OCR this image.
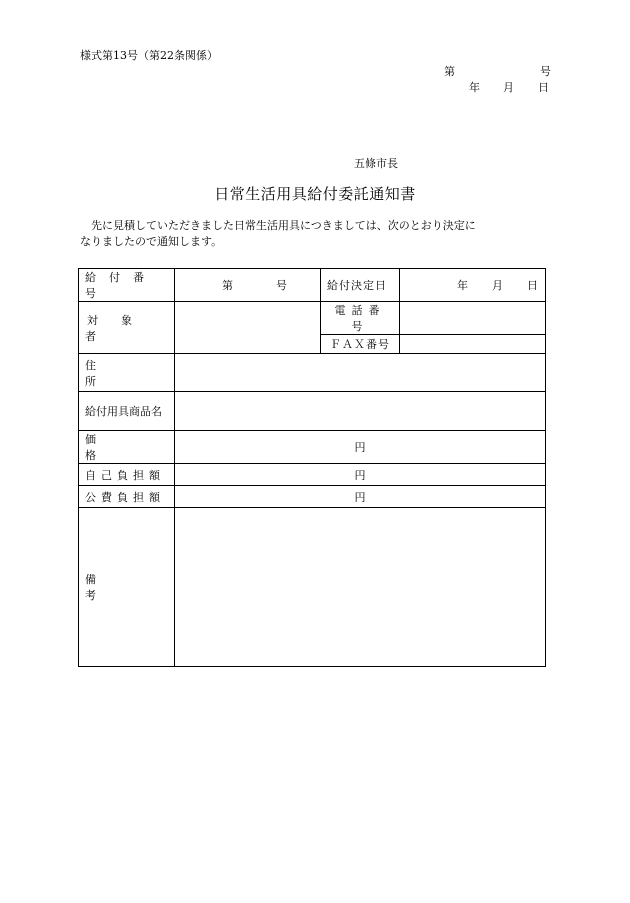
様式第13号（第22条関係）
第	号
年 月 日
五條市長
日常生活用具給付委託通知書

　先に見積していただきました日常生活用具につきましては、次のとおり決定に

なりましたので通知します。

給付番号	第 号	給付決定日	年 月 日

対象者		電話番号	
		ＦＡＸ番号	
住所			
給付用具商品名			
価格	円		
自己負担額	円		
公費負担額	円		
備考			
